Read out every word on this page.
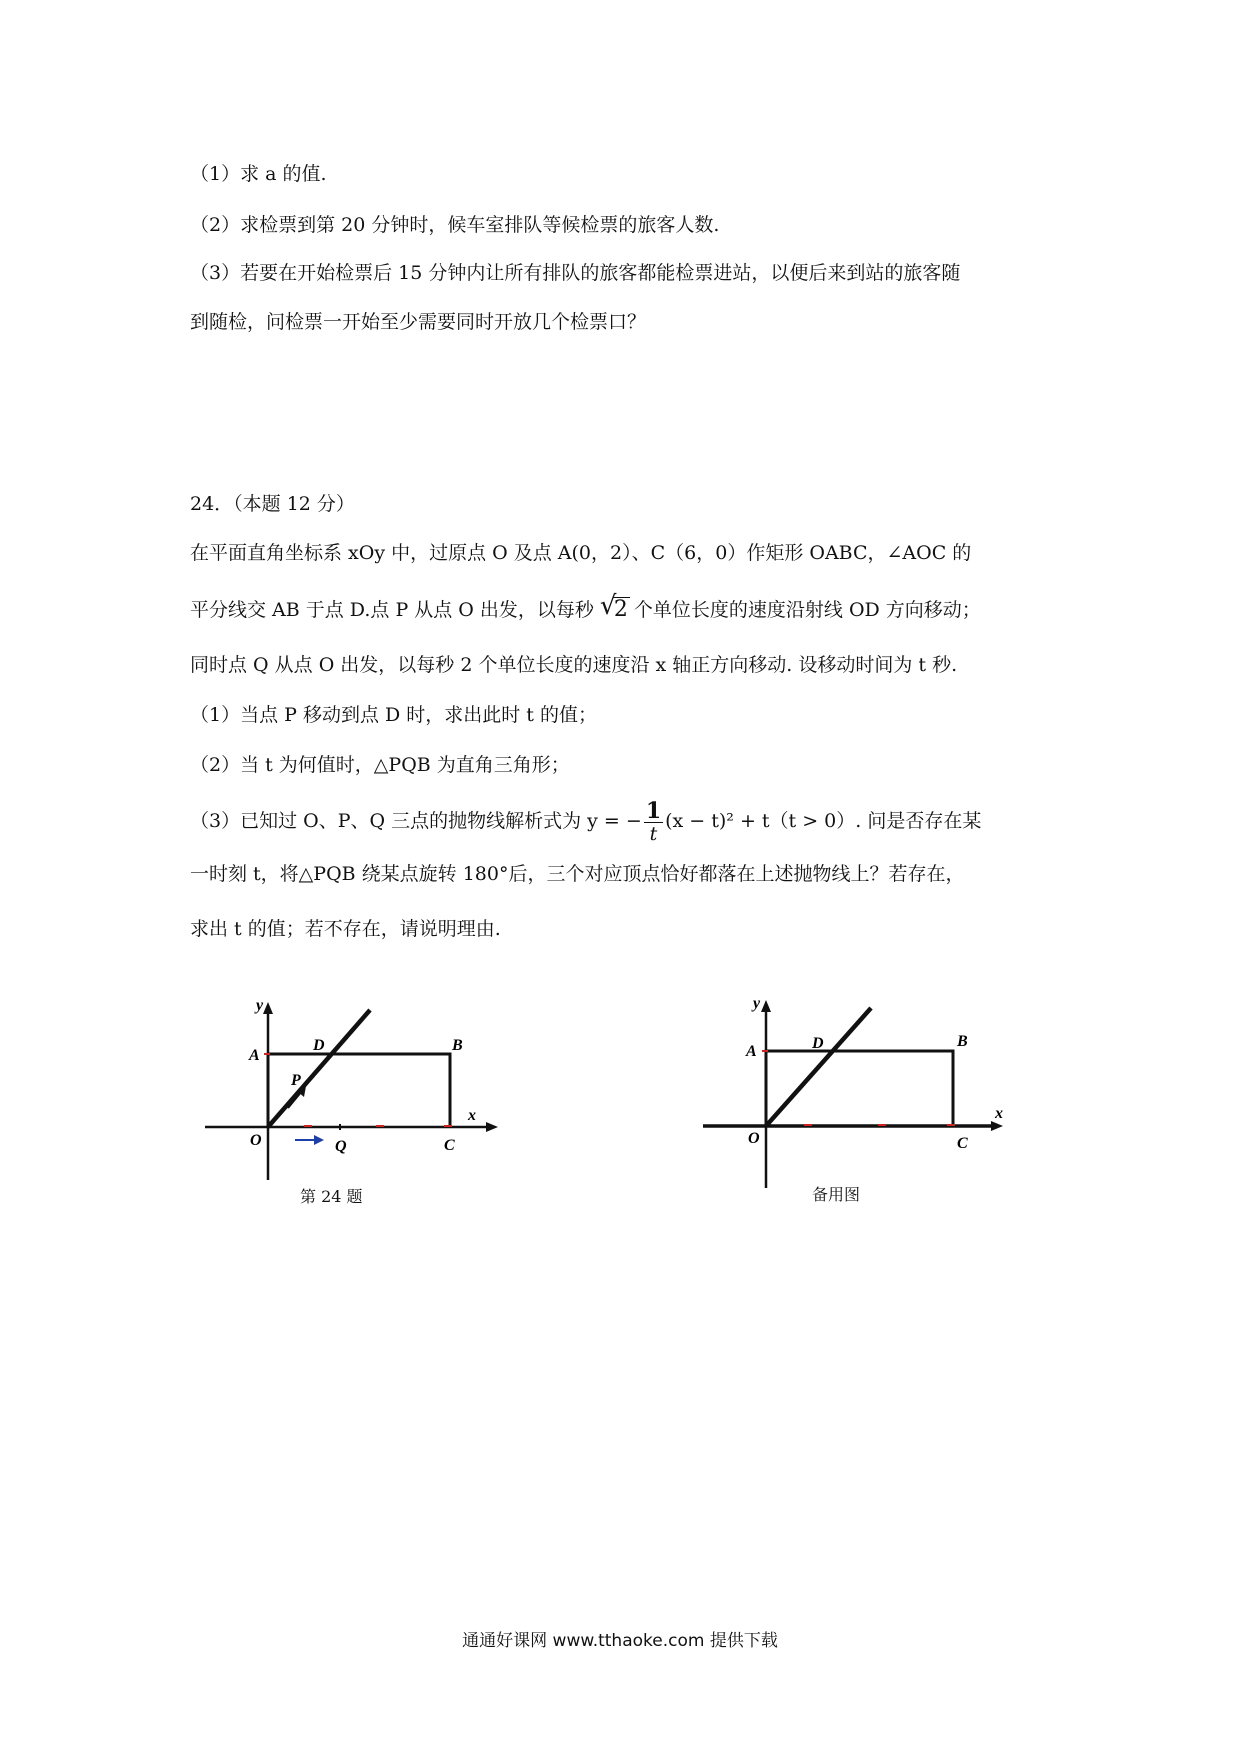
（1）求 a 的值.
（2）求检票到第 20 分钟时，候车室排队等候检票的旅客人数.
（3）若要在开始检票后 15 分钟内让所有排队的旅客都能检票进站，以便后来到站的旅客随
到随检，问检票一开始至少需要同时开放几个检票口？
24．（本题 12 分）
在平面直角坐标系 xOy 中，过原点 O 及点 A(0，2）、C（6，0）作矩形 OABC，∠AOC 的
平分线交 AB 于点 D.点 P 从点 O 出发，以每秒 √
2 个单位长度的速度沿射线 OD 方向移动；
同时点 Q 从点 O 出发，以每秒 2 个单位长度的速度沿 x 轴正方向移动. 设移动时间为 t 秒.
（1）当点 P 移动到点 D 时，求出此时 t 的值；
（2）当 t 为何值时，△PQB 为直角三角形；
（3）已知过 O、P、Q 三点的抛物线解析式为 y = − $\frac{1}{t} (x - t)^2 + t(t > 0)$. 问是否存在某
一时刻 t，将△PQB 绕某点旋转 180°后，三个对应顶点恰好都落在上述抛物线上？若存在，
求出 t 的值；若不存在，请说明理由.
y
x
A
D	B
P
O	Q	C
第 24 题
y
x
A	D	B
O	C
备用图
通通好课网 www.tthaoke.com 提供下载
